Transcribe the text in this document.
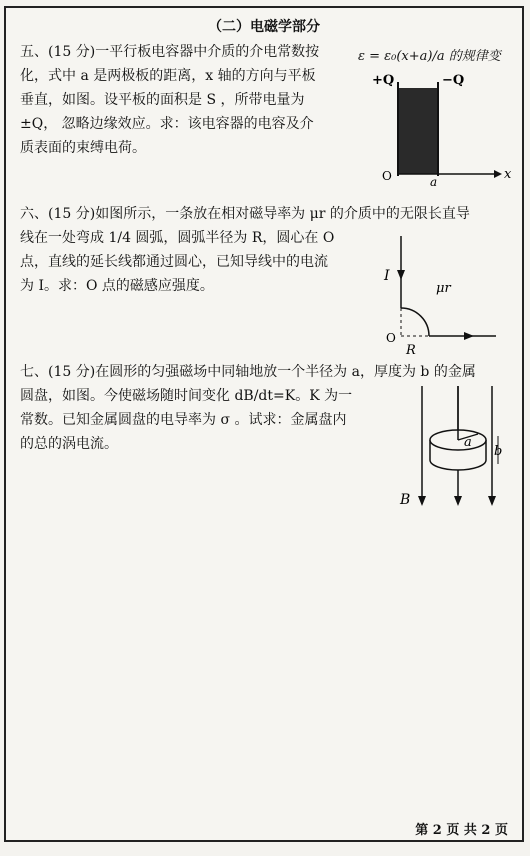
（二）电磁学部分
五、(15 分)一平行板电容器中介质的介电常数按
化，式中 a 是两极板的距离，x 轴的方向与平板
垂直，如图。设平板的面积是 S ，所带电量为
±Q， 忽略边缘效应。求：该电容器的电容及介
质表面的束缚电荷。
ε = ε₀(x+a)/a 的规律变
+Q	−Q
O	a	x
六、(15 分)如图所示，一条放在相对磁导率为 μr 的介质中的无限长直导
线在一处弯成 1/4 圆弧，圆弧半径为 R，圆心在 O
点，直线的延长线都通过圆心，已知导线中的电流
为 I。求：O 点的磁感应强度。
I
μr
O
R
七、(15 分)在圆形的匀强磁场中同轴地放一个半径为 a，厚度为 b 的金属
圆盘，如图。今使磁场随时间变化 dB/dt=K。K 为一
常数。已知金属圆盘的电导率为 σ 。试求：金属盘内
的总的涡电流。	a
b
B
第 2 页 共 2 页
